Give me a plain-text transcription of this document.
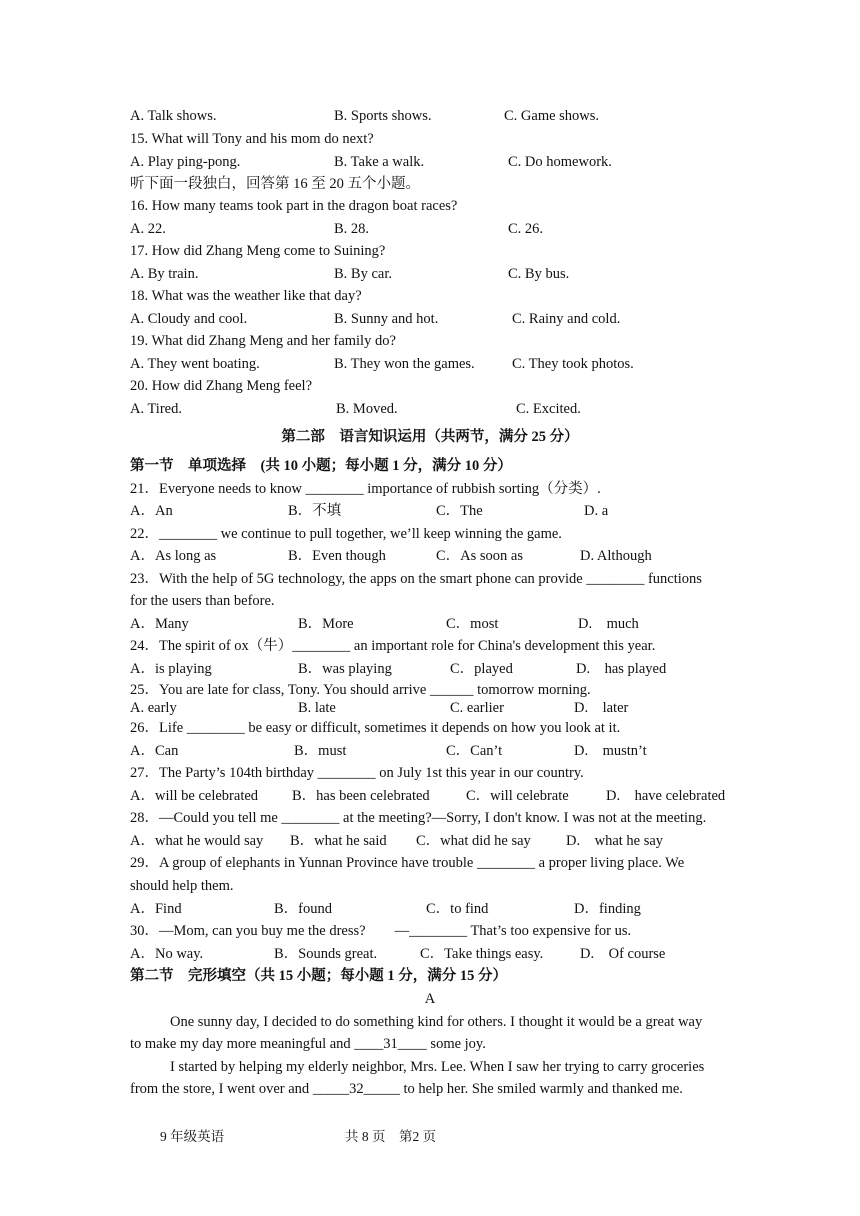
第二部　语言知识运用（共两节，满分 25 分）
第一节　单项选择　(共 10 小题；每小题 1 分，满分 10 分）
第二节　完形填空（共 15 小题；每小题 1 分，满分 15 分）
A
One sunny day, I decided to do something kind for others. I thought it would be a great way
to make my day more meaningful and ____31____ some joy.
I started by helping my elderly neighbor, Mrs. Lee. When I saw her trying to carry groceries
from the store, I went over and _____32_____ to help her. She smiled warmly and thanked me.
9 年级英语	共 8 页　第2 页
A. Talk shows.	B. Sports shows.	C. Game shows.
15. What will Tony and his mom do next?
A. Play ping-pong.	B. Take a walk.	C. Do homework.
听下面一段独白，回答第 16 至 20 五个小题。
16. How many teams took part in the dragon boat races?
A. 22.	B. 28.	C. 26.
17. How did Zhang Meng come to Suining?
A. By train.	B. By car.	C. By bus.
18. What was the weather like that day?
A. Cloudy and cool.	B. Sunny and hot.	C. Rainy and cold.
19. What did Zhang Meng and her family do?
A. They went boating.	B. They won the games.	C. They took photos.
20. How did Zhang Meng feel?
A. Tired.	B. Moved.	C. Excited.
21．Everyone needs to know ________ importance of rubbish sorting（分类）.
A．An	B．不填	C．The	D. a
22．________ we continue to pull together, we’ll keep winning the game.
A．As long as	B．Even though	C．As soon as	D. Although
23．With the help of 5G technology, the apps on the smart phone can provide ________ functions
for the users than before.
A．Many	B．More	C．most	D.　much
24．The spirit of ox（牛）________ an important role for China's development this year.
A．is playing	B．was playing	C．played	D.　has played
25．You are late for class, Tony. You should arrive ______ tomorrow morning.
A. early	B. late	C. earlier	D.　later
26．Life ________ be easy or difficult, sometimes it depends on how you look at it.
A．Can	B．must	C．Can’t	D.　mustn’t
27．The Party’s 104th birthday ________ on July 1st this year in our country.
A．will be celebrated B．has been celebrated	C．will celebrate	D.　have celebrated
28．—Could you tell me ________ at the meeting?—Sorry, I don't know. I was not at the meeting.
A．what he would say B．what he said C．what did he say D.　what he say
29．A group of elephants in Yunnan Province have trouble ________ a proper living place. We
should help them.
A．Find	B．found	C．to find	D．finding
30．—Mom, can you buy me the dress?　　—________ That’s too expensive for us.
A．No way.	B．Sounds great.	C．Take things easy.	D.　Of course
